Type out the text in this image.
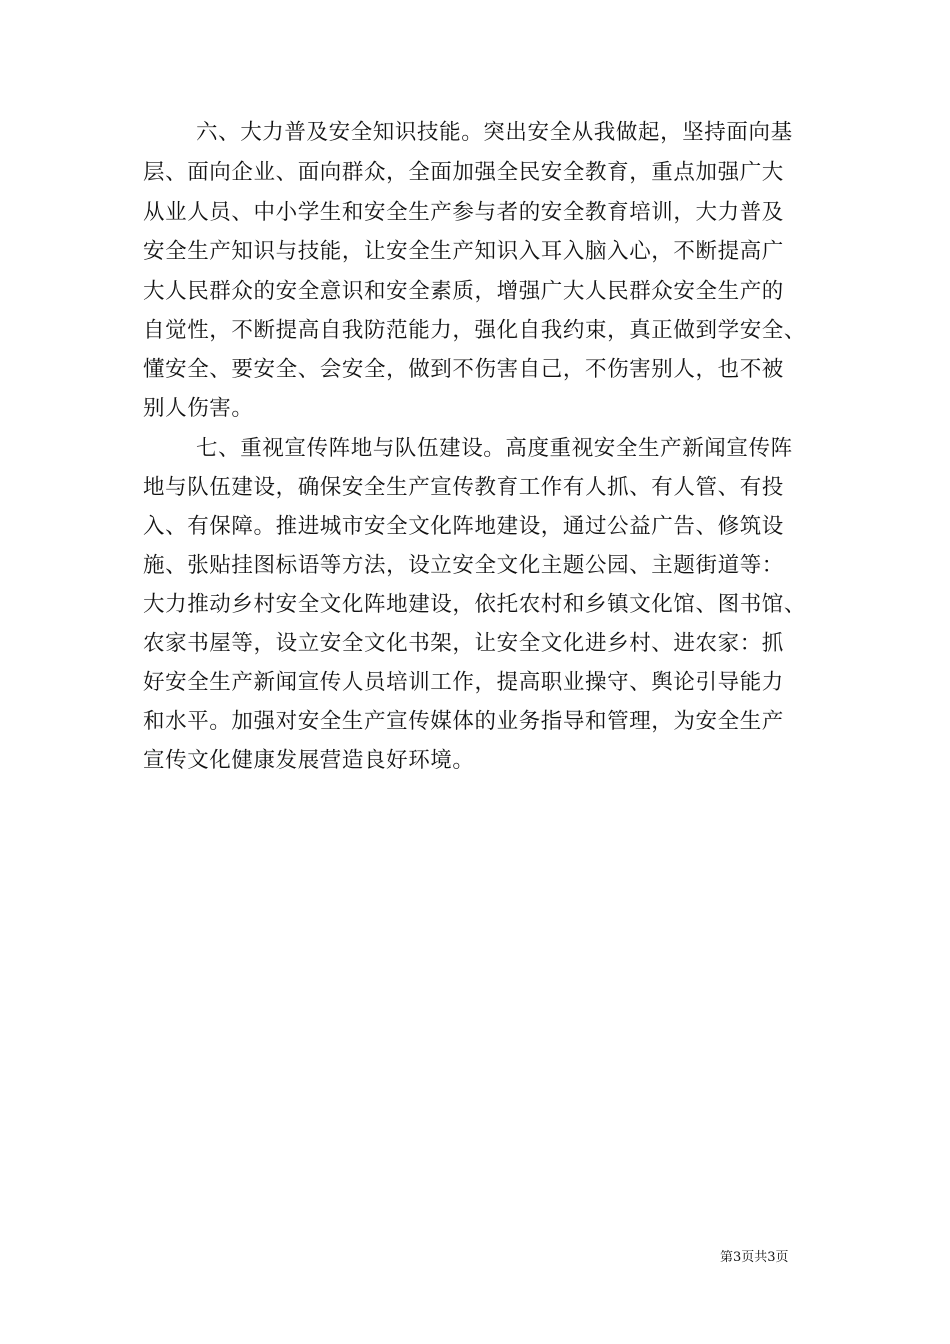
六、大力普及安全知识技能。突出安全从我做起，坚持面向基
层、面向企业、面向群众，全面加强全民安全教育，重点加强广大
从业人员、中小学生和安全生产参与者的安全教育培训，大力普及
安全生产知识与技能，让安全生产知识入耳入脑入心，不断提高广
大人民群众的安全意识和安全素质，增强广大人民群众安全生产的
自觉性，不断提高自我防范能力，强化自我约束，真正做到学安全、
懂安全、要安全、会安全，做到不伤害自己，不伤害别人，也不被
别人伤害。
七、重视宣传阵地与队伍建设。高度重视安全生产新闻宣传阵
地与队伍建设，确保安全生产宣传教育工作有人抓、有人管、有投
入、有保障。推进城市安全文化阵地建设，通过公益广告、修筑设
施、张贴挂图标语等方法，设立安全文化主题公园、主题街道等：
大力推动乡村安全文化阵地建设，依托农村和乡镇文化馆、图书馆、
农家书屋等，设立安全文化书架，让安全文化进乡村、进农家：抓
好安全生产新闻宣传人员培训工作，提高职业操守、舆论引导能力
和水平。加强对安全生产宣传媒体的业务指导和管理，为安全生产
宣传文化健康发展营造良好环境。
第3页共3页
